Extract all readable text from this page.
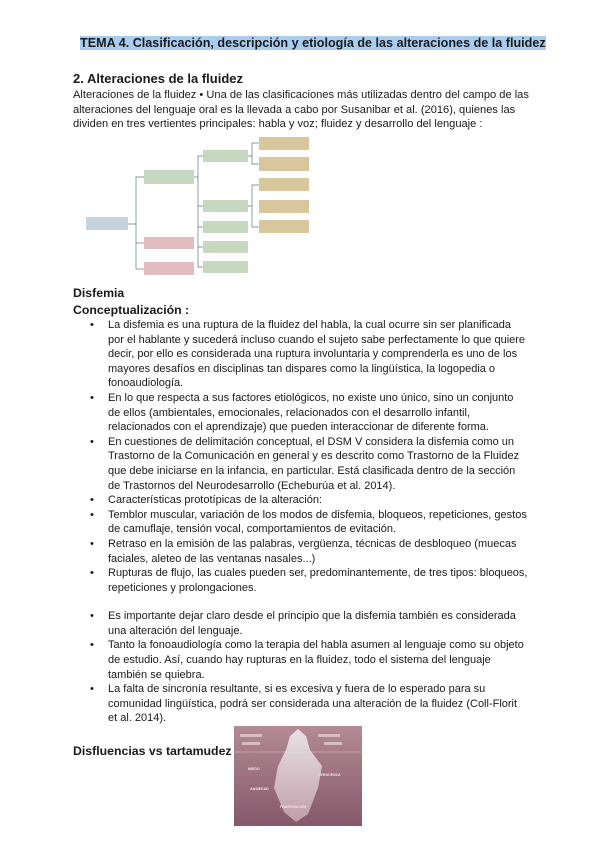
TEMA 4. Clasificación, descripción y etiología de las alteraciones de la fluidez
2. Alteraciones de la fluidez
Alteraciones de la fluidez • Una de las clasificaciones más utilizadas dentro del campo de las alteraciones del lenguaje oral es la llevada a cabo por Susanibar et al. (2016), quienes las dividen en tres vertientes principales: habla y voz; fluidez y desarrollo del lenguaje :
Disfemia
Conceptualización :
• La disfemia es una ruptura de la fluidez del habla, la cual ocurre sin ser planificada por el hablante y sucederá incluso cuando el sujeto sabe perfectamente lo que quiere decir, por ello es considerada una ruptura involuntaria y comprenderla es uno de los mayores desafíos en disciplinas tan dispares como la lingüística, la logopedia o fonoaudiología.
• En lo que respecta a sus factores etiológicos, no existe uno único, sino un conjunto de ellos (ambientales, emocionales, relacionados con el desarrollo infantil, relacionados con el aprendizaje) que pueden interaccionar de diferente forma.
• En cuestiones de delimitación conceptual, el DSM V considera la disfemia como un Trastorno de la Comunicación en general y es descrito como Trastorno de la Fluidez que debe iniciarse en la infancia, en particular. Está clasificada dentro de la sección de Trastornos del Neurodesarrollo (Echeburúa et al. 2014).
• Características prototípicas de la alteración:
• Temblor muscular, variación de los modos de disfemia, bloqueos, repeticiones, gestos de camuflaje, tensión vocal, comportamientos de evitación.
• Retraso en la emisión de las palabras, vergüenza, técnicas de desbloqueo (muecas faciales, aleteo de las ventanas nasales...)
• Rupturas de flujo, las cuales pueden ser, predominantemente, de tres tipos: bloqueos, repeticiones y prolongaciones.
• Es importante dejar claro desde el principio que la disfemia también es considerada una alteración del lenguaje.
• Tanto la fonoaudiología como la terapia del habla asumen al lenguaje como su objeto de estudio. Así, cuando hay rupturas en la fluidez, todo el sistema del lenguaje también se quiebra.
• La falta de sincronía resultante, si es excesiva y fuera de lo esperado para su comunidad lingüística, podrá ser considerada una alteración de la fluidez (Coll-Florit et al. 2014).
Disfluencias vs tartamudez
MIEDO
VERGÜENZA
ANSIEDAD
FRUSTRACIÓN
